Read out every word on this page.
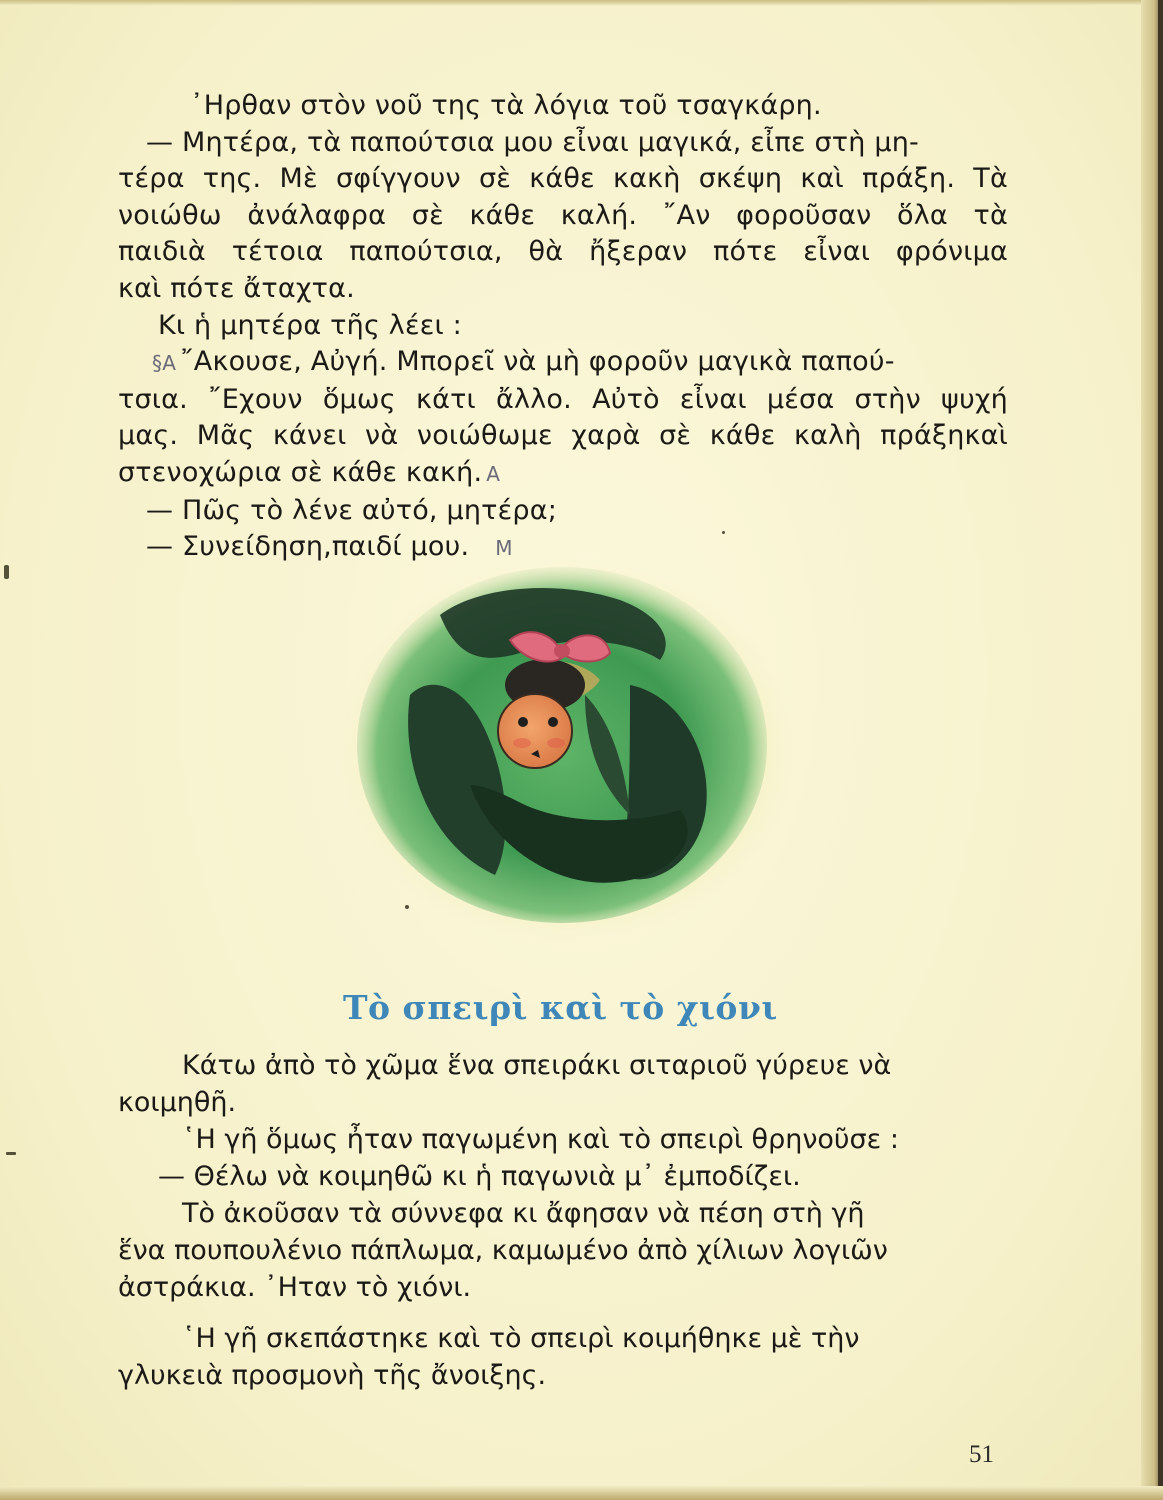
᾿Ηρθαν στὸν νοῦ της τὰ λόγια τοῦ τσαγκάρη.

— Μητέρα, τὰ παπούτσια μου εἶναι μαγικά, εἶπε στὴ μη-

τέρα της. Μὲ σφίγγουν σὲ κάθε κακὴ σκέψη καὶ πράξη. Τὰ

νοιώθω ἀνάλαφρα σὲ κάθε καλή. ῎Αν φοροῦσαν ὅλα τὰ

παιδιὰ τέτοια παπούτσια, θὰ ἤξεραν πότε εἶναι φρόνιμα

καὶ πότε ἄταχτα.

Κι ἡ μητέρα τῆς λέει :

§A ῎Ακουσε, Αὐγή. Μπορεῖ νὰ μὴ φοροῦν μαγικὰ παπού-

τσια. ῎Εχουν ὅμως κάτι ἄλλο. Αὐτὸ εἶναι μέσα στὴν ψυχή

μας. Μᾶς κάνει νὰ νοιώθωμε χαρὰ σὲ κάθε καλὴ πράξηκαὶ

στενοχώρια σὲ κάθε κακή. A

— Πῶς τὸ λένε αὐτό, μητέρα;

— Συνείδηση,παιδί μου. M

Τὸ σπειρὶ καὶ τὸ χιόνι

Κάτω ἀπὸ τὸ χῶμα ἕνα σπειράκι σιταριοῦ γύρευε νὰ

κοιμηθῆ.

῾Η γῆ ὅμως ἦταν παγωμένη καὶ τὸ σπειρὶ θρηνοῦσε :

— Θέλω νὰ κοιμηθῶ κι ἡ παγωνιὰ μ᾿ ἐμποδίζει.

Τὸ ἀκοῦσαν τὰ σύννεφα κι ἄφησαν νὰ πέση στὴ γῆ

ἕνα πουπουλένιο πάπλωμα, καμωμένο ἀπὸ χίλιων λογιῶν

ἀστράκια. ᾿Ηταν τὸ χιόνι.

῾Η γῆ σκεπάστηκε καὶ τὸ σπειρὶ κοιμήθηκε μὲ τὴν

γλυκειὰ προσμονὴ τῆς ἄνοιξης.

51
